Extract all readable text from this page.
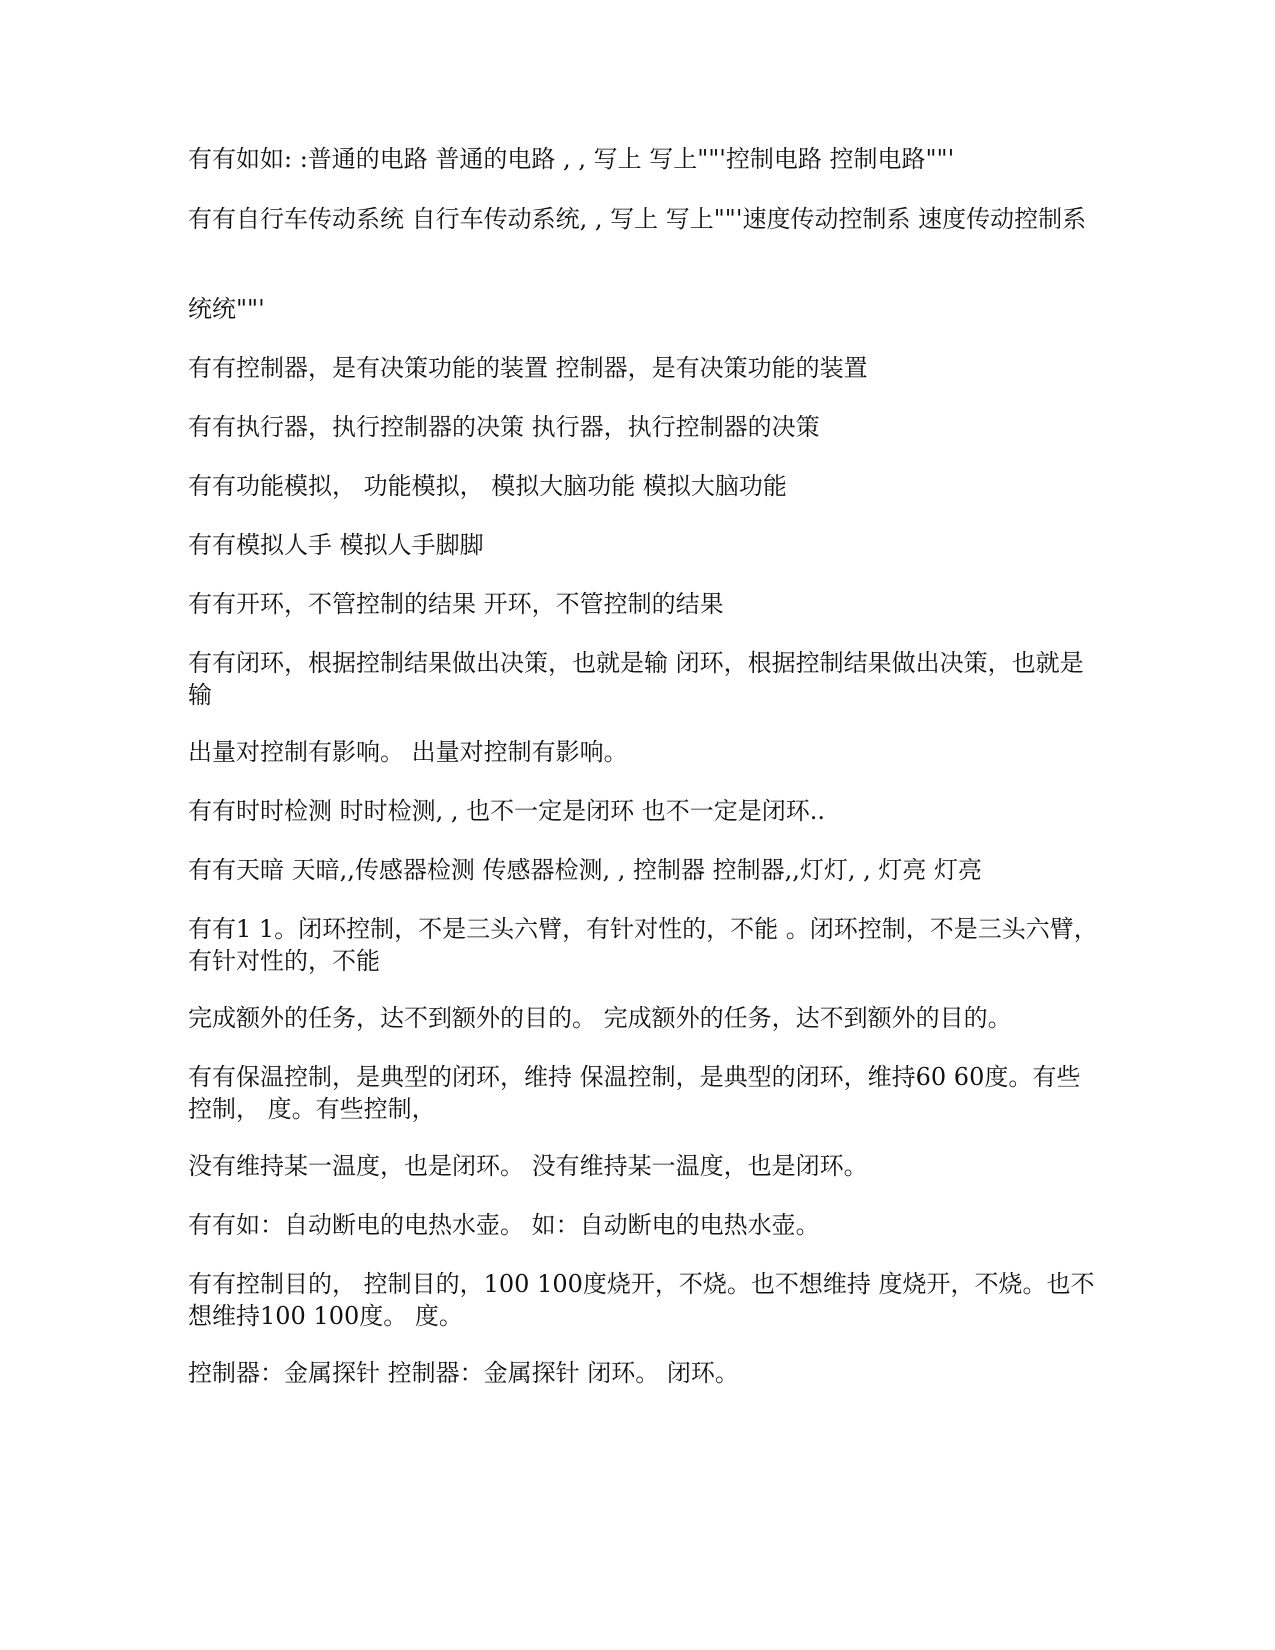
有有如如: :普通的电路 普通的电路 , , 写上 写上""'控制电路 控制电路""'

有有自行车传动系统 自行车传动系统, , 写上 写上""'速度传动控制系 速度传动控制系

统统""'

有有控制器，是有决策功能的装置 控制器，是有决策功能的装置

有有执行器，执行控制器的决策 执行器，执行控制器的决策

有有功能模拟， 功能模拟， 模拟大脑功能 模拟大脑功能

有有模拟人手 模拟人手脚脚

有有开环，不管控制的结果 开环，不管控制的结果

有有闭环，根据控制结果做出决策，也就是输 闭环，根据控制结果做出决策，也就是输

出量对控制有影响。 出量对控制有影响。

有有时时检测 时时检测, , 也不一定是闭环 也不一定是闭环..

有有天暗 天暗,,传感器检测 传感器检测, , 控制器 控制器,,灯灯, , 灯亮 灯亮

有有1 1。闭环控制，不是三头六臂，有针对性的，不能 。闭环控制，不是三头六臂，有针对性的，不能

完成额外的任务，达不到额外的目的。 完成额外的任务，达不到额外的目的。

有有保温控制，是典型的闭环，维持 保温控制，是典型的闭环，维持60 60度。有些控制， 度。有些控制，

没有维持某一温度，也是闭环。 没有维持某一温度，也是闭环。

有有如：自动断电的电热水壶。 如：自动断电的电热水壶。

有有控制目的， 控制目的，100 100度烧开，不烧。也不想维持 度烧开，不烧。也不想维持100 100度。 度。

控制器：金属探针 控制器：金属探针 闭环。 闭环。
